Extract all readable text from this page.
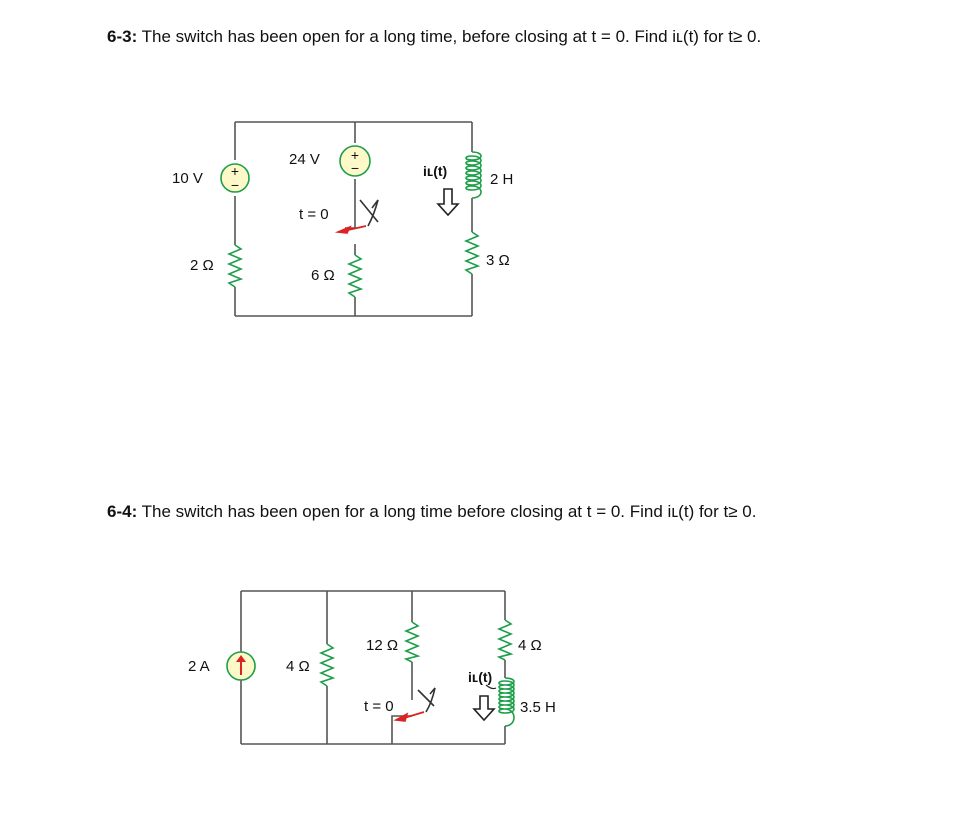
6-3: The switch has been open for a long time, before closing at t = 0. Find iʟ(t) for t≥ 0.
6-4: The switch has been open for a long time before closing at t = 0. Find iʟ(t) for t≥ 0.
+
−
10 V
2 Ω
+
−
24 V
t = 0
6 Ω
2 H
iʟ(t)
3 Ω
2 A	4 Ω
12 Ω
t = 0
4 Ω
3.5 H
iʟ(t)
